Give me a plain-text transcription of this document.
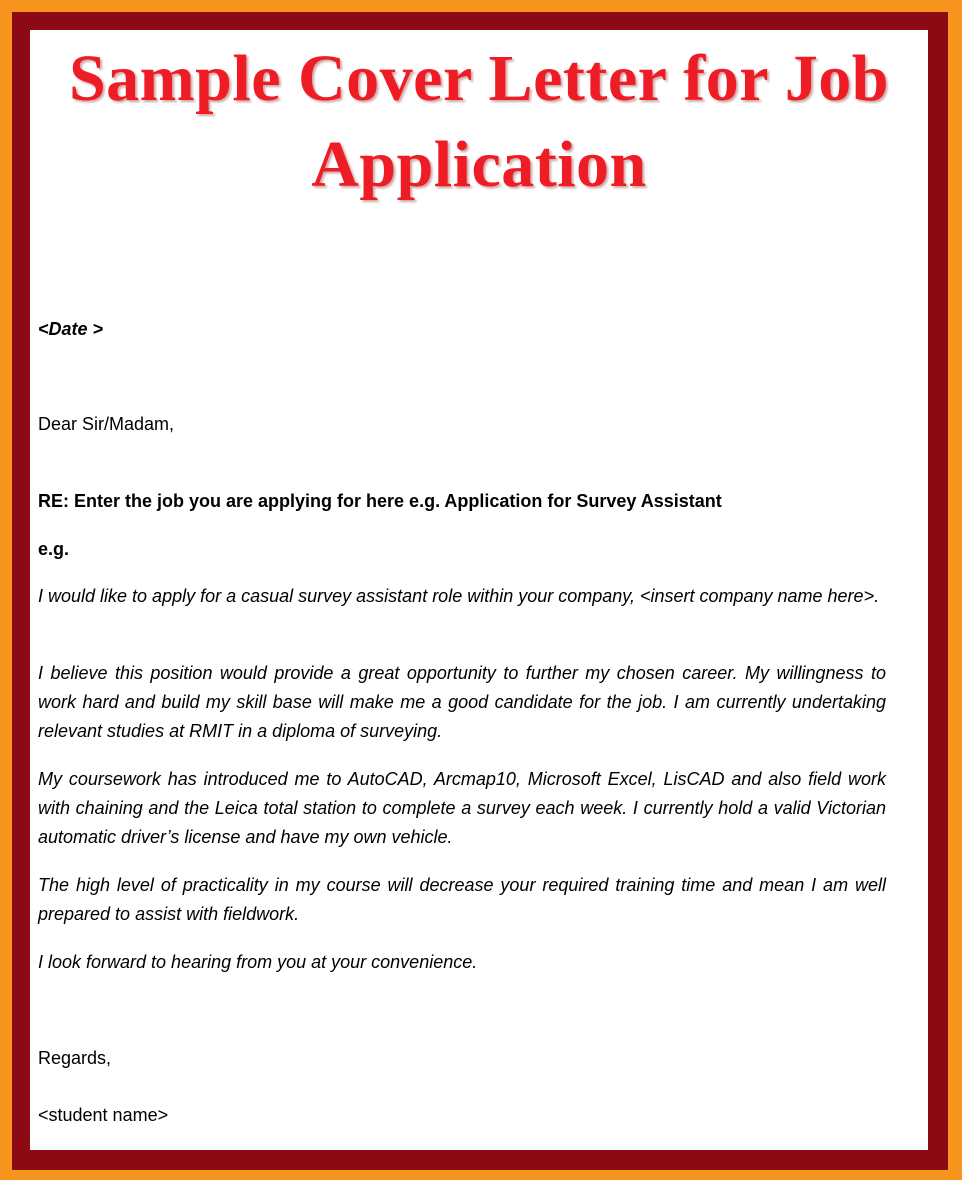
Sample Cover Letter for Job
Application

<Date >

Dear Sir/Madam,

RE: Enter the job you are applying for here e.g. Application for Survey Assistant

e.g.

I would like to apply for a casual survey assistant role within your company, <insert company name here>.

I believe this position would provide a great opportunity to further my chosen career. My willingness to work hard and build my skill base will make me a good candidate for the job. I am currently undertaking relevant studies at RMIT in a diploma of surveying.

My coursework has introduced me to AutoCAD, Arcmap10, Microsoft Excel, LisCAD and also field work with chaining and the Leica total station to complete a survey each week. I currently hold a valid Victorian automatic driver’s license and have my own vehicle.

The high level of practicality in my course will decrease your required training time and mean I am well prepared to assist with fieldwork.

I look forward to hearing from you at your convenience.

Regards,

<student name>
